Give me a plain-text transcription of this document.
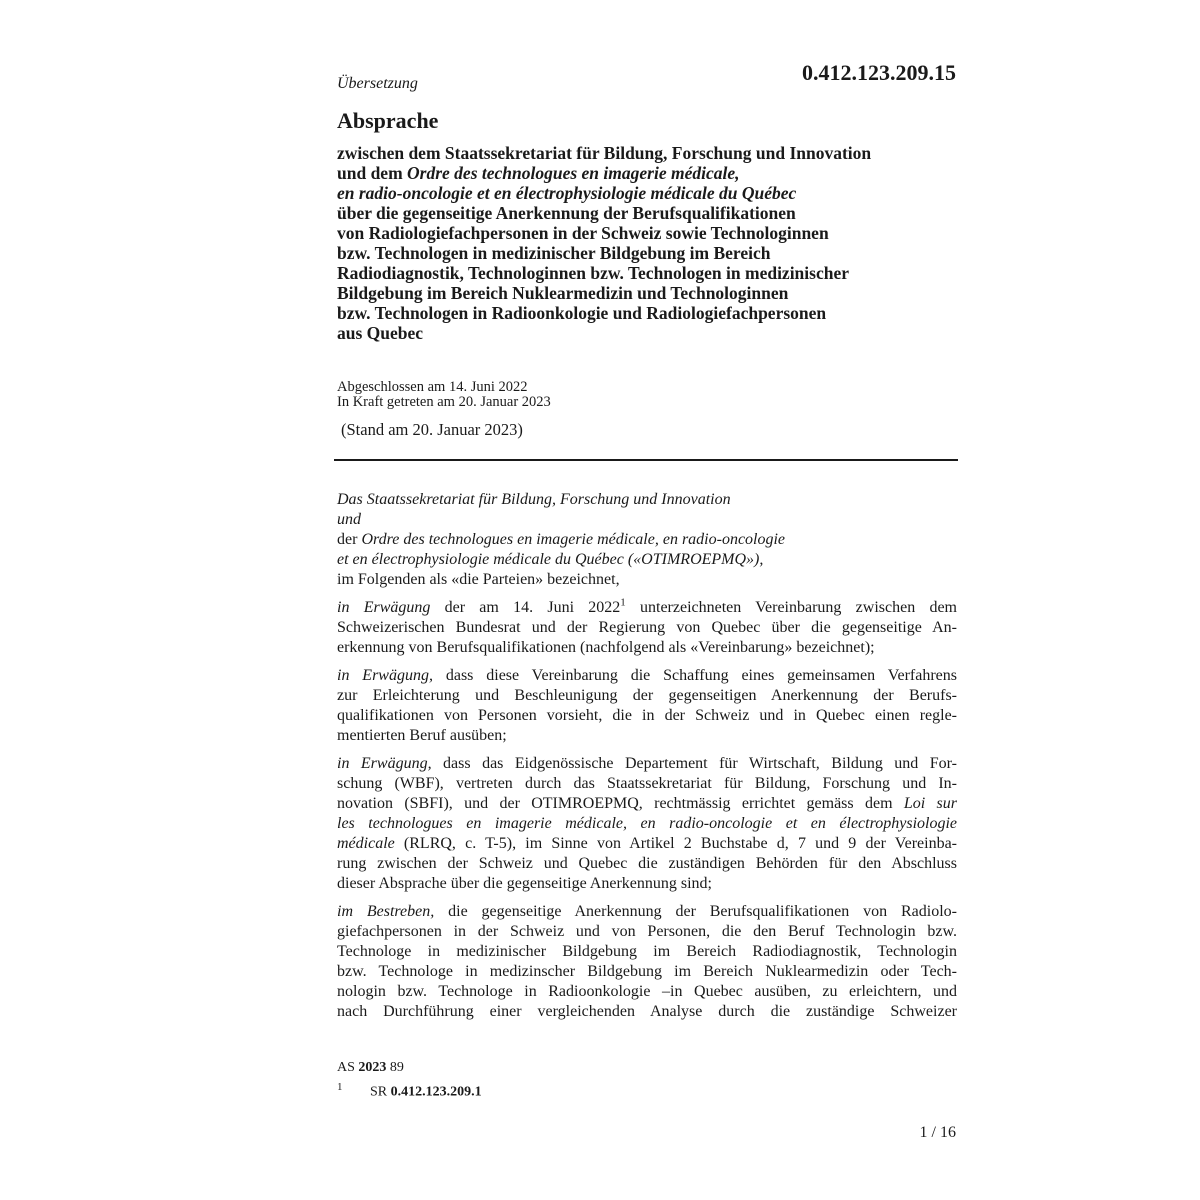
Übersetzung	0.412.123.209.15
Absprache
zwischen dem Staatssekretariat für Bildung, Forschung und Innovation
und dem Ordre des technologues en imagerie médicale,
en radio-oncologie et en électrophysiologie médicale du Québec
über die gegenseitige Anerkennung der Berufsqualifikationen
von Radiologiefachpersonen in der Schweiz sowie Technologinnen
bzw. Technologen in medizinischer Bildgebung im Bereich
Radiodiagnostik, Technologinnen bzw. Technologen in medizinischer
Bildgebung im Bereich Nuklearmedizin und Technologinnen
bzw. Technologen in Radioonkologie und Radiologiefachpersonen
aus Quebec
Abgeschlossen am 14. Juni 2022
In Kraft getreten am 20. Januar 2023
(Stand am 20. Januar 2023)
Das Staatssekretariat für Bildung, Forschung und Innovation
und
der Ordre des technologues en imagerie médicale, en radio-oncologie
et en électrophysiologie médicale du Québec («OTIMROEPMQ»),
im Folgenden als «die Parteien» bezeichnet,
in Erwägung der am 14. Juni 2022$^1$ unterzeichneten Vereinbarung zwischen dem
Schweizerischen Bundesrat und der Regierung von Quebec über die gegenseitige An-
erkennung von Berufsqualifikationen (nachfolgend als «Vereinbarung» bezeichnet);
in Erwägung, dass diese Vereinbarung die Schaffung eines gemeinsamen Verfahrens
zur Erleichterung und Beschleunigung der gegenseitigen Anerkennung der Berufs-
qualifikationen von Personen vorsieht, die in der Schweiz und in Quebec einen regle-
mentierten Beruf ausüben;
in Erwägung, dass das Eidgenössische Departement für Wirtschaft, Bildung und For-
schung (WBF), vertreten durch das Staatssekretariat für Bildung, Forschung und In-
novation (SBFI), und der OTIMROEPMQ, rechtmässig errichtet gemäss dem Loi sur
les technologues en imagerie médicale, en radio-oncologie et en électrophysiologie
médicale (RLRQ, c. T-5), im Sinne von Artikel 2 Buchstabe d, 7 und 9 der Vereinba-
rung zwischen der Schweiz und Quebec die zuständigen Behörden für den Abschluss
dieser Absprache über die gegenseitige Anerkennung sind;
im Bestreben, die gegenseitige Anerkennung der Berufsqualifikationen von Radiolo-
giefachpersonen in der Schweiz und von Personen, die den Beruf Technologin bzw.
Technologe in medizinischer Bildgebung im Bereich Radiodiagnostik, Technologin
bzw. Technologe in medizinscher Bildgebung im Bereich Nuklearmedizin oder Tech-
nologin bzw. Technologe in Radioonkologie –in Quebec ausüben, zu erleichtern, und
nach Durchführung einer vergleichenden Analyse durch die zuständige Schweizer
AS 2023 89
1 SR 0.412.123.209.1
1 / 16
